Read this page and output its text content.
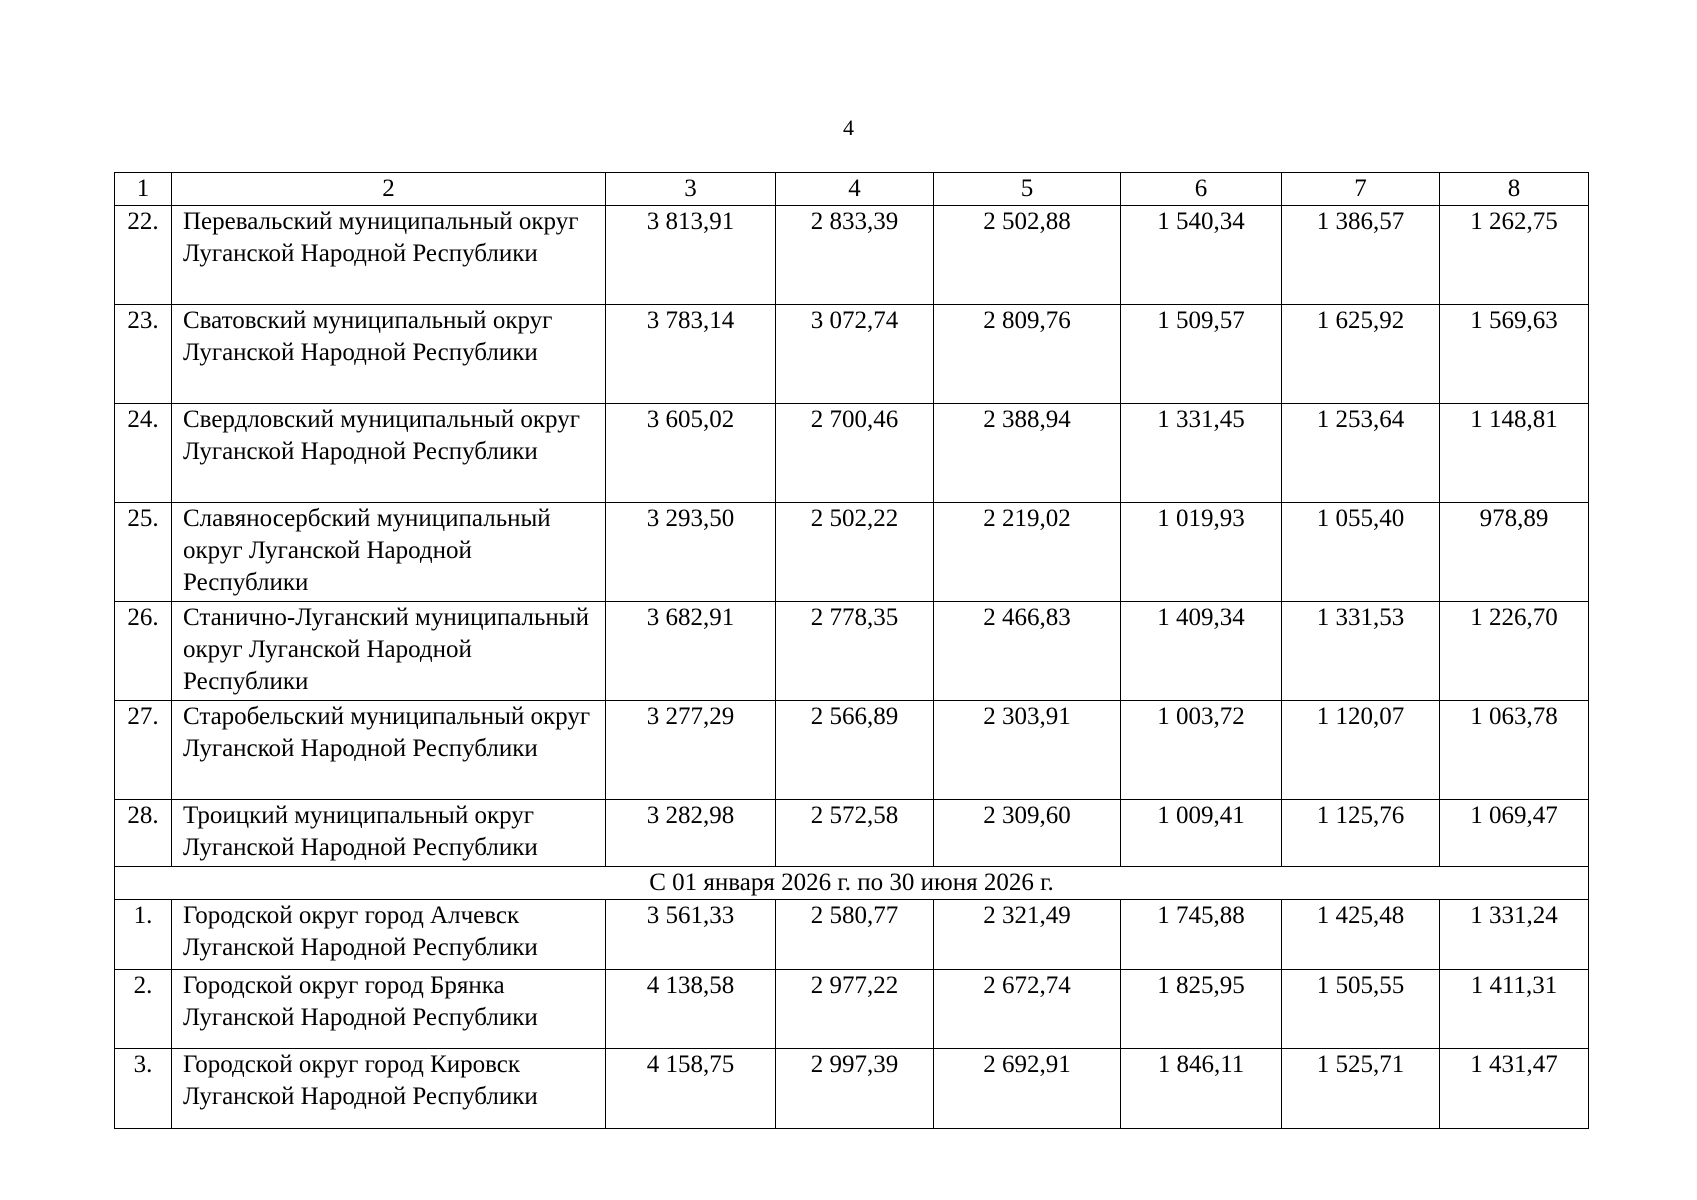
4
1	2	3	4	5	6	7	8
22.	Перевальский муниципальный округ Луганской Народной Республики	3 813,91	2 833,39	2 502,88	1 540,34	1 386,57	1 262,75
23.	Сватовский муниципальный округ Луганской Народной Республики	3 783,14	3 072,74	2 809,76	1 509,57	1 625,92	1 569,63
24.	Свердловский муниципальный округ Луганской Народной Республики	3 605,02	2 700,46	2 388,94	1 331,45	1 253,64	1 148,81
25.	Славяносербский муниципальный округ Луганской Народной Республики	3 293,50	2 502,22	2 219,02	1 019,93	1 055,40	978,89
26.	Станично-Луганский муниципальный округ Луганской Народной Республики	3 682,91	2 778,35	2 466,83	1 409,34	1 331,53	1 226,70
27.	Старобельский муниципальный округ Луганской Народной Республики	3 277,29	2 566,89	2 303,91	1 003,72	1 120,07	1 063,78
28.	Троицкий муниципальный округ Луганской Народной Республики	3 282,98	2 572,58	2 309,60	1 009,41	1 125,76	1 069,47
С 01 января 2026 г. по 30 июня 2026 г.							
1.	Городской округ город Алчевск Луганской Народной Республики	3 561,33	2 580,77	2 321,49	1 745,88	1 425,48	1 331,24
2.	Городской округ город Брянка Луганской Народной Республики	4 138,58	2 977,22	2 672,74	1 825,95	1 505,55	1 411,31
3.	Городской округ город Кировск Луганской Народной Республики	4 158,75	2 997,39	2 692,91	1 846,11	1 525,71	1 431,47
